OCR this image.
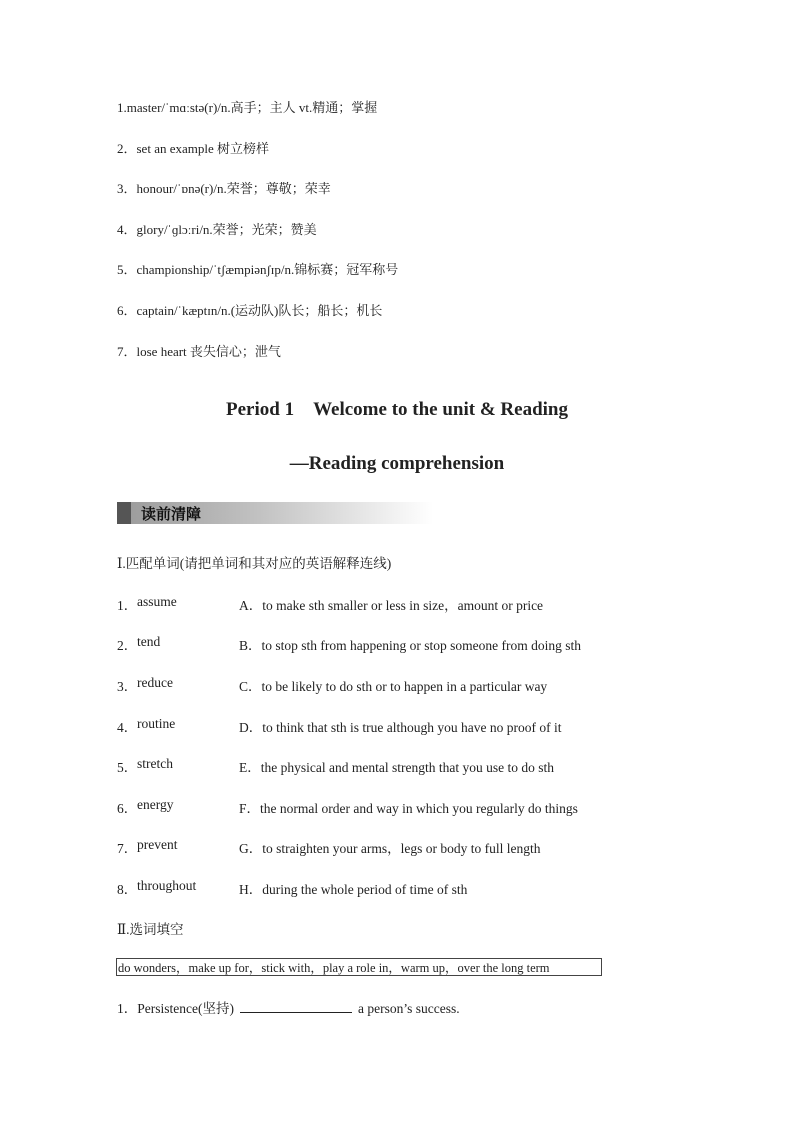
1.master/ˈmɑːstə(r)/n.高手；主人 vt.精通；掌握
2．set an example 树立榜样
3．honour/ˈɒnə(r)/n.荣誉；尊敬；荣幸
4．glory/ˈɡlɔːri/n.荣誉；光荣；赞美
5．championship/ˈtʃæmpiənʃɪp/n.锦标赛；冠军称号
6．captain/ˈkæptɪn/n.(运动队)队长；船长；机长
7．lose heart 丧失信心；泄气
Period 1　Welcome to the unit & Reading
—Reading comprehension
读前清障
Ⅰ.匹配单词(请把单词和其对应的英语解释连线)
1． assume	A．to make sth smaller or less in size，amount or price
2． tend	B．to stop sth from happening or stop someone from doing sth
3． reduce	C．to be likely to do sth or to happen in a particular way
4． routine	D．to think that sth is true although you have no proof of it
5． stretch	E．the physical and mental strength that you use to do sth
6． energy	F．the normal order and way in which you regularly do things
7． prevent	G．to straighten your arms，legs or body to full length
8． throughout	H．during the whole period of time of sth
Ⅱ.选词填空
do wonders，make up for，stick with，play a role in，warm up，over the long term
1．Persistence(坚持)	a person’s success.
